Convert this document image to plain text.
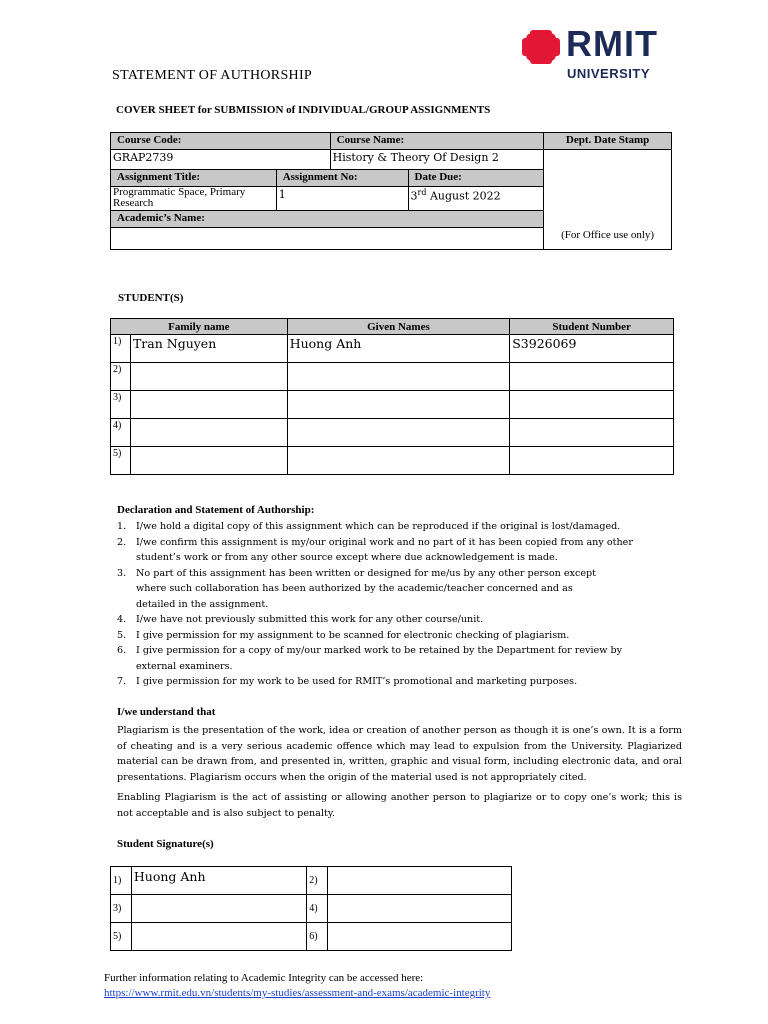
RMIT
UNIVERSITY
STATEMENT OF AUTHORSHIP
COVER SHEET for SUBMISSION of INDIVIDUAL/GROUP ASSIGNMENTS
Course Code:		Course Name:		Dept. Date Stamp
GRAP2739		History & Theory Of Design 2		(For Office use only)
Assignment Title:	Assignment No:		Date Due:	
Programmatic Space, Primary Research	1		3rd August 2022	
Academic’s Name:				

STUDENT(S)
Family name		Given Names	Student Number
1)	Tran Nguyen	Huong Anh	S3926069
2)			
3)			
4)			
5)			
Declaration and Statement of Authorship:
1.	I/we hold a digital copy of this assignment which can be reproduced if the original is lost/damaged.
2.	I/we confirm this assignment is my/our original work and no part of it has been copied from any other student’s work or from any other source except where due acknowledgement is made.
3.	No part of this assignment has been written or designed for me/us by any other person except where such collaboration has been authorized by the academic/teacher concerned and as detailed in the assignment.
4.	I/we have not previously submitted this work for any other course/unit.
5.	I give permission for my assignment to be scanned for electronic checking of plagiarism.
6.	I give permission for a copy of my/our marked work to be retained by the Department for review by external examiners.
7.	I give permission for my work to be used for RMIT’s promotional and marketing purposes.
I/we understand that
Plagiarism is the presentation of the work, idea or creation of another person as though it is one’s own. It is a form of cheating and is a very serious academic offence which may lead to expulsion from the University. Plagiarized material can be drawn from, and presented in, written, graphic and visual form, including electronic data, and oral presentations. Plagiarism occurs when the origin of the material used is not appropriately cited.
Enabling Plagiarism is the act of assisting or allowing another person to plagiarize or to copy one’s work; this is not acceptable and is also subject to penalty.
Student Signature(s)
1)	Huong Anh	2)	
3)		4)	
5)		6)	
Further information relating to Academic Integrity can be accessed here:
https://www.rmit.edu.vn/students/my-studies/assessment-and-exams/academic-integrity
